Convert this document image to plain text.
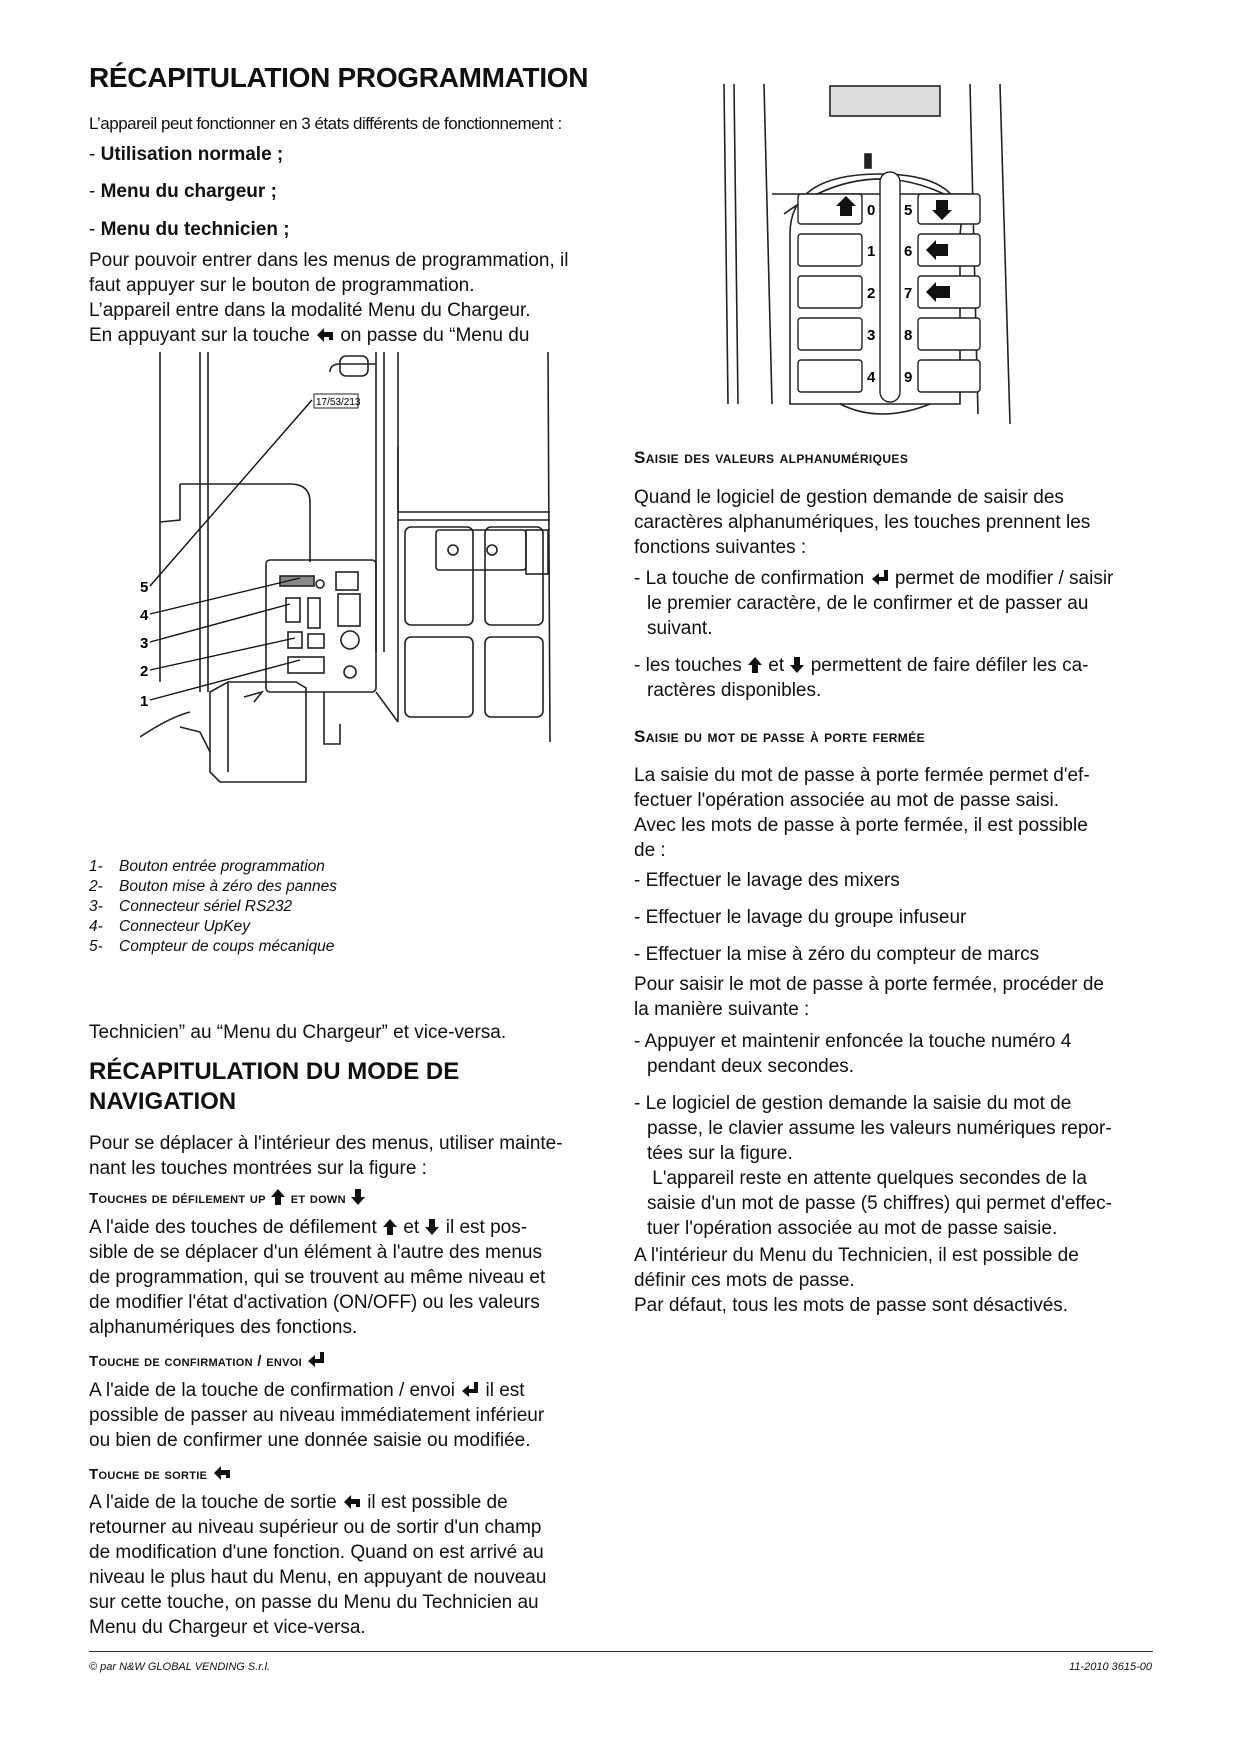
RÉCAPITULATION PROGRAMMATION
L’appareil peut fonctionner en 3 états différents de fonctionnement :
- Utilisation normale ;
- Menu du chargeur ;
- Menu du technicien ;
Pour pouvoir entrer dans les menus de programmation, il
faut appuyer sur le bouton de programmation.
L’appareil entre dans la modalité Menu du Chargeur.
En appuyant sur la touche on passe du “Menu du
17/53/213
5
4
3
2
1
1- Bouton entrée programmation
2- Bouton mise à zéro des pannes
3- Connecteur sériel RS232
4- Connecteur UpKey
5- Compteur de coups mécanique
Technicien” au “Menu du Chargeur” et vice-versa.
RÉCAPITULATION DU MODE DE
NAVIGATION
Pour se déplacer à l'intérieur des menus, utiliser mainte-
nant les touches montrées sur la figure :
Touches de défilement up et down
A l'aide des touches de défilement et il est pos-
sible de se déplacer d'un élément à l'autre des menus
de programmation, qui se trouvent au même niveau et
de modifier l'état d'activation (ON/OFF) ou les valeurs
alphanumériques des fonctions.
Touche de confirmation / envoi
A l'aide de la touche de confirmation / envoi il est
possible de passer au niveau immédiatement inférieur
ou bien de confirmer une donnée saisie ou modifiée.
Touche de sortie
A l'aide de la touche de sortie il est possible de
retourner au niveau supérieur ou de sortir d'un champ
de modification d'une fonction. Quand on est arrivé au
niveau le plus haut du Menu, en appuyant de nouveau
sur cette touche, on passe du Menu du Technicien au
Menu du Chargeur et vice-versa.
0
1
2
3
4
5
6
7
8
9
Saisie des valeurs alphanumériques
Quand le logiciel de gestion demande de saisir des
caractères alphanumériques, les touches prennent les
fonctions suivantes :
- La touche de confirmation permet de modifier / saisir
le premier caractère, de le confirmer et de passer au
suivant.
- les touches et permettent de faire défiler les ca-
ractères disponibles.
Saisie du mot de passe à porte fermée
La saisie du mot de passe à porte fermée permet d'ef-
fectuer l'opération associée au mot de passe saisi.
Avec les mots de passe à porte fermée, il est possible
de :
- Effectuer le lavage des mixers
- Effectuer le lavage du groupe infuseur
- Effectuer la mise à zéro du compteur de marcs
Pour saisir le mot de passe à porte fermée, procéder de
la manière suivante :
- Appuyer et maintenir enfoncée la touche numéro 4
pendant deux secondes.
- Le logiciel de gestion demande la saisie du mot de
passe, le clavier assume les valeurs numériques repor-
tées sur la figure.
L'appareil reste en attente quelques secondes de la
saisie d'un mot de passe (5 chiffres) qui permet d'effec-
tuer l'opération associée au mot de passe saisie.
A l'intérieur du Menu du Technicien, il est possible de
définir ces mots de passe.
Par défaut, tous les mots de passe sont désactivés.
© par N&W GLOBAL VENDING S.r.l.	11-2010 3615-00
